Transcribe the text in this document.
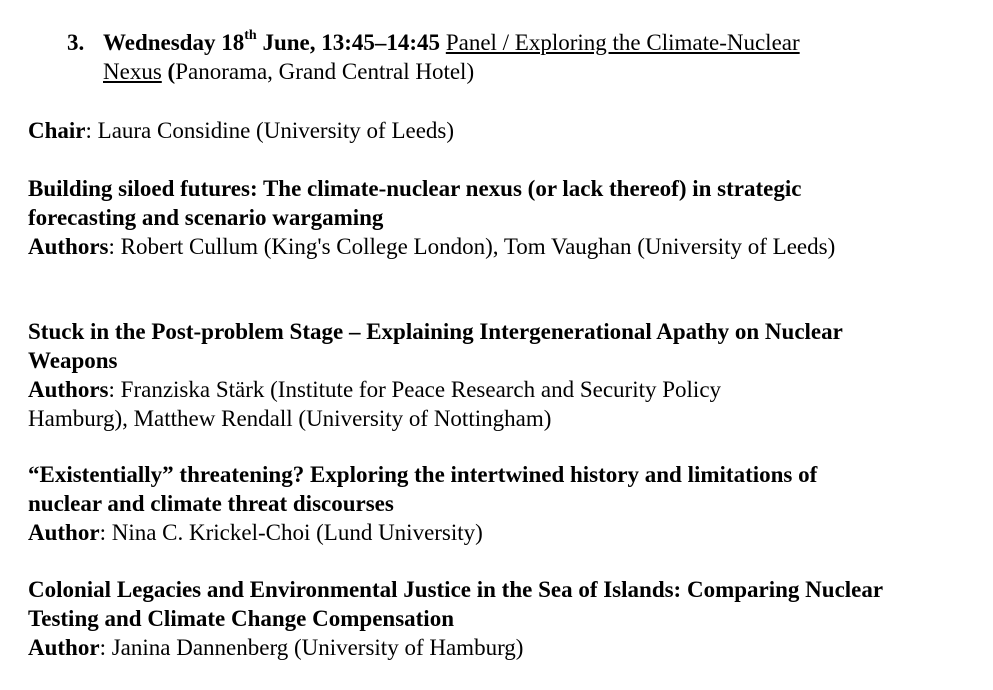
3. Wednesday 18th June, 13:45–14:45 Panel / Exploring the Climate-Nuclear
Nexus (Panorama, Grand Central Hotel)
Chair: Laura Considine (University of Leeds)
Building siloed futures: The climate-nuclear nexus (or lack thereof) in strategic
forecasting and scenario wargaming
Authors: Robert Cullum (King's College London), Tom Vaughan (University of Leeds)
Stuck in the Post-problem Stage – Explaining Intergenerational Apathy on Nuclear
Weapons
Authors: Franziska Stärk (Institute for Peace Research and Security Policy
Hamburg), Matthew Rendall (University of Nottingham)
“Existentially” threatening? Exploring the intertwined history and limitations of
nuclear and climate threat discourses
Author: Nina C. Krickel-Choi (Lund University)
Colonial Legacies and Environmental Justice in the Sea of Islands: Comparing Nuclear
Testing and Climate Change Compensation
Author: Janina Dannenberg (University of Hamburg)
